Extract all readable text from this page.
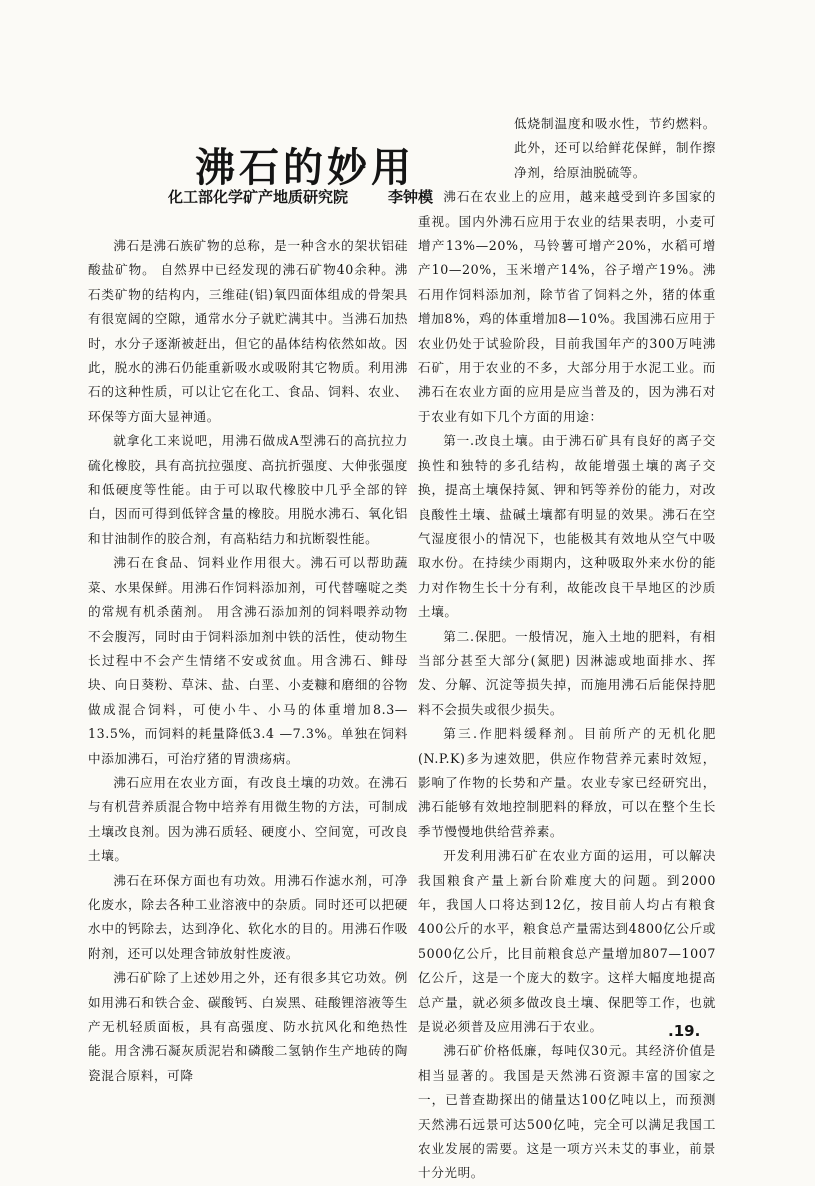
沸石的妙用
化工部化学矿产地质研究院	李钟模

沸石是沸石族矿物的总称，是一种含水的架状铝硅酸盐矿物。 自然界中已经发现的沸石矿物40余种。沸石类矿物的结构内，三维硅(铝)氧四面体组成的骨架具有很宽阔的空隙，通常水分子就贮满其中。当沸石加热时，水分子逐渐被赶出，但它的晶体结构依然如故。因此，脱水的沸石仍能重新吸水或吸附其它物质。利用沸石的这种性质，可以让它在化工、食品、饲料、农业、环保等方面大显神通。

就拿化工来说吧，用沸石做成A型沸石的高抗拉力硫化橡胶，具有高抗拉强度、高抗折强度、大伸张强度和低硬度等性能。由于可以取代橡胶中几乎全部的锌白，因而可得到低锌含量的橡胶。用脱水沸石、氧化铝和甘油制作的胶合剂，有高粘结力和抗断裂性能。

沸石在食品、饲料业作用很大。沸石可以帮助蔬菜、水果保鲜。用沸石作饲料添加剂，可代替噻啶之类的常规有机杀菌剂。 用含沸石添加剂的饲料喂养动物不会腹泻，同时由于饲料添加剂中铁的活性，使动物生长过程中不会产生情绪不安或贫血。用含沸石、鲱母块、向日葵粉、草沫、盐、白垩、小麦糠和磨细的谷物做成混合饲料，可使小牛、小马的体重增加8.3—13.5%，而饲料的耗量降低3.4 —7.3%。单独在饲料中添加沸石，可治疗猪的胃溃疡病。

沸石应用在农业方面，有改良土壤的功效。在沸石与有机营养质混合物中培养有用微生物的方法，可制成土壤改良剂。因为沸石质轻、硬度小、空间宽，可改良土壤。

沸石在环保方面也有功效。用沸石作滤水剂，可净化废水，除去各种工业溶液中的杂质。同时还可以把硬水中的钙除去，达到净化、软化水的目的。用沸石作吸附剂，还可以处理含铈放射性废液。

沸石矿除了上述妙用之外，还有很多其它功效。例如用沸石和铁合金、碳酸钙、白炭黑、硅酸锂溶液等生产无机轻质面板，具有高强度、防水抗风化和绝热性能。用含沸石凝灰质泥岩和磷酸二氢钠作生产地砖的陶瓷混合原料，可降

低烧制温度和吸水性，节约燃料。此外，还可以给鲜花保鲜，制作擦净剂，给原油脱硫等。

沸石在农业上的应用，越来越受到许多国家的重视。国内外沸石应用于农业的结果表明，小麦可增产13%—20%，马铃薯可增产20%，水稻可增产10—20%，玉米增产14%，谷子增产19%。沸石用作饲料添加剂，除节省了饲料之外，猪的体重增加8%，鸡的体重增加8—10%。我国沸石应用于农业仍处于试验阶段，目前我国年产的300万吨沸石矿，用于农业的不多，大部分用于水泥工业。而沸石在农业方面的应用是应当普及的，因为沸石对于农业有如下几个方面的用途：

第一.改良土壤。由于沸石矿具有良好的离子交换性和独特的多孔结构，故能增强土壤的离子交换，提高土壤保持氮、钾和钙等养份的能力，对改良酸性土壤、盐碱土壤都有明显的效果。沸石在空气湿度很小的情况下，也能极其有效地从空气中吸取水份。在持续少雨期内，这种吸取外来水份的能力对作物生长十分有利，故能改良干旱地区的沙质土壤。

第二.保肥。一般情况，施入土地的肥料，有相当部分甚至大部分(氮肥) 因淋滤或地面排水、挥发、分解、沉淀等损失掉，而施用沸石后能保持肥料不会损失或很少损失。

第三.作肥料缓释剂。目前所产的无机化肥(N.P.K)多为速效肥，供应作物营养元素时效短，影响了作物的长势和产量。农业专家已经研究出，沸石能够有效地控制肥料的释放，可以在整个生长季节慢慢地供给营养素。

开发利用沸石矿在农业方面的运用，可以解决我国粮食产量上新台阶难度大的问题。到2000年，我国人口将达到12亿，按目前人均占有粮食400公斤的水平，粮食总产量需达到4800亿公斤或5000亿公斤，比目前粮食总产量增加807—1007亿公斤，这是一个庞大的数字。这样大幅度地提高总产量，就必须多做改良土壤、保肥等工作，也就是说必须普及应用沸石于农业。

沸石矿价格低廉，每吨仅30元。其经济价值是相当显著的。我国是天然沸石资源丰富的国家之一，已普查勘探出的储量达100亿吨以上，而预测天然沸石远景可达500亿吨，完全可以满足我国工农业发展的需要。这是一项方兴未艾的事业，前景十分光明。

.19.
